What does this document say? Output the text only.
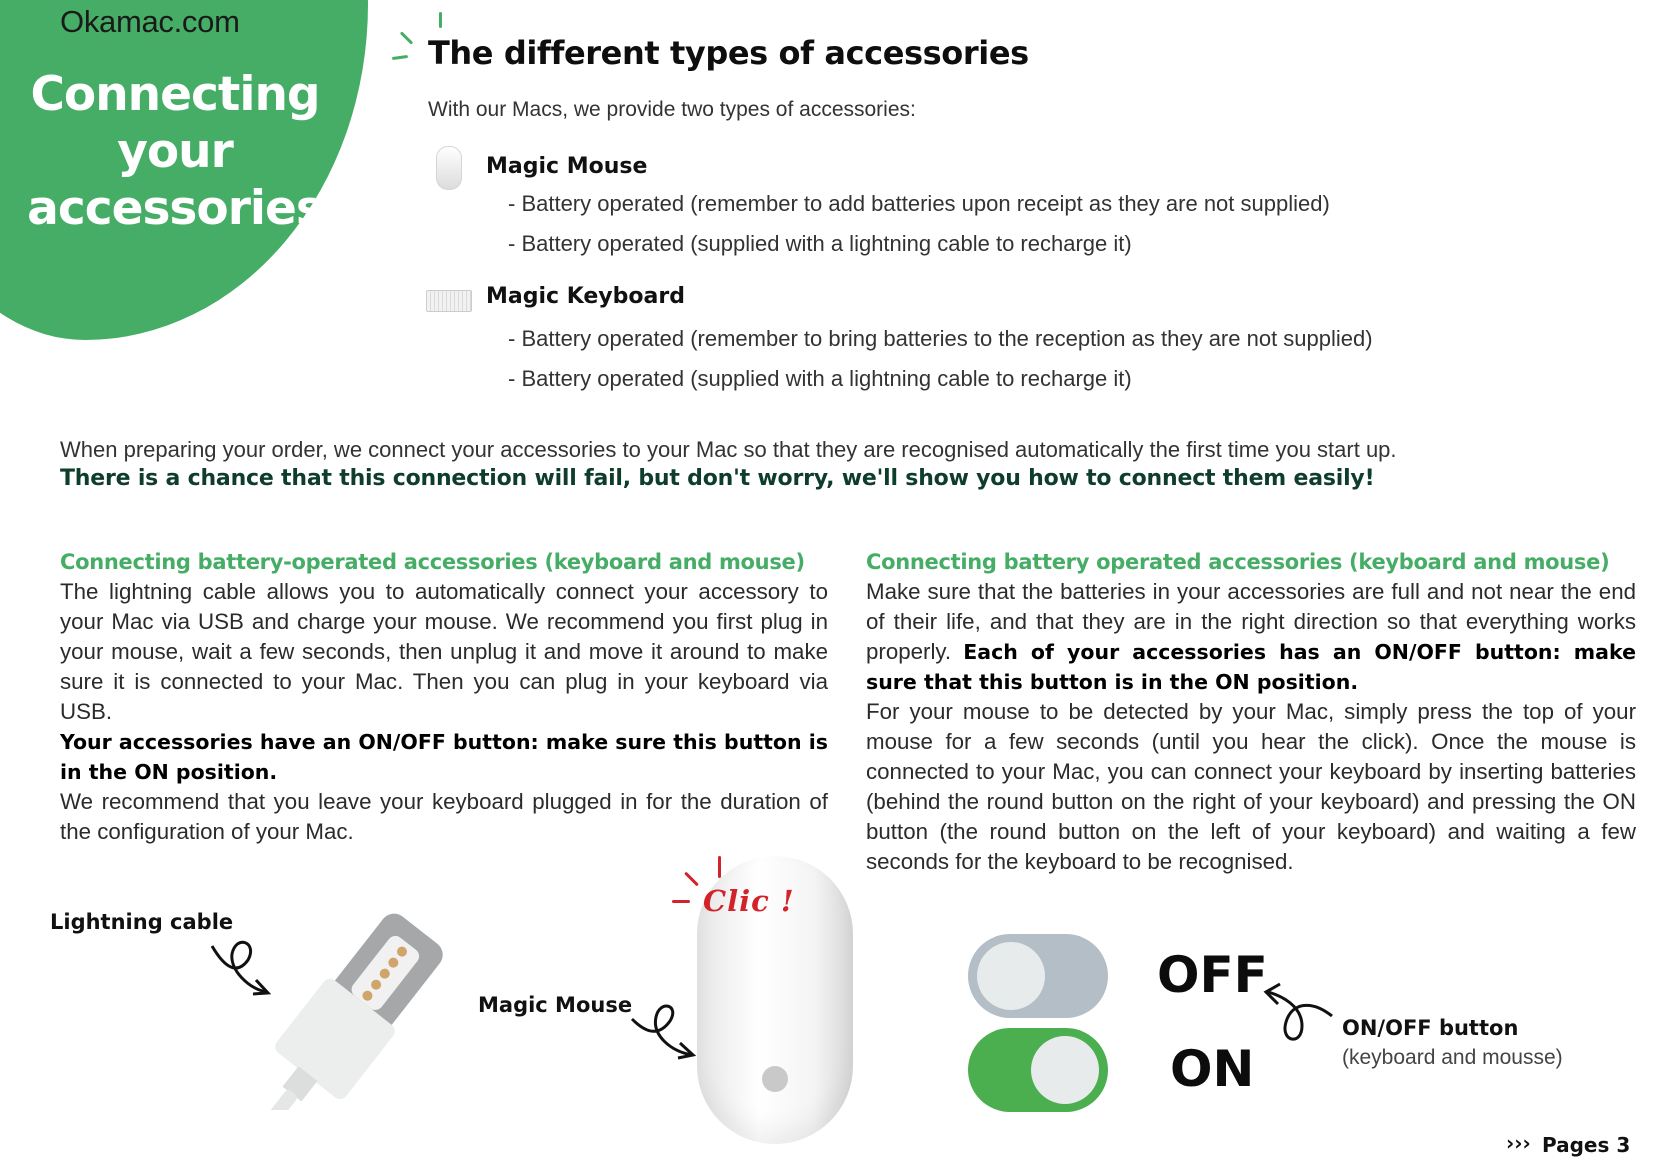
Okamac.com
Connecting
your
accessories
The different types of accessories
With our Macs, we provide two types of accessories:
Magic Mouse
- Battery operated (remember to add batteries upon receipt as they are not supplied)
- Battery operated (supplied with a lightning cable to recharge it)
Magic Keyboard
- Battery operated (remember to bring batteries to the reception as they are not supplied)
- Battery operated (supplied with a lightning cable to recharge it)
When preparing your order, we connect your accessories to your Mac so that they are recognised automatically the first time you start up.
There is a chance that this connection will fail, but don't worry, we'll show you how to connect them easily!
Connecting battery-operated accessories (keyboard and mouse)
The lightning cable allows you to automatically connect your accessory to your Mac via USB and charge your mouse. We recommend you first plug in your mouse, wait a few seconds, then unplug it and move it around to make sure it is connected to your Mac. Then you can plug in your keyboard via USB.
Your accessories have an ON/OFF button: make sure this button is in the ON position.
We recommend that you leave your keyboard plugged in for the duration of the configuration of your Mac.
Connecting battery operated accessories (keyboard and mouse)
Make sure that the batteries in your accessories are full and not near the end of their life, and that they are in the right direction so that everything works properly. Each of your accessories has an ON/OFF button: make sure that this button is in the ON position.
For your mouse to be detected by your Mac, simply press the top of your mouse for a few seconds (until you hear the click). Once the mouse is connected to your Mac, you can connect your keyboard by inserting batteries (behind the round button on the right of your keyboard) and pressing the ON button (the round button on the left of your keyboard) and waiting a few seconds for the keyboard to be recognised.
Lightning cable
Magic Mouse
Clic !
OFF
ON
ON/OFF button
(keyboard and mousse)
››› Pages 3
